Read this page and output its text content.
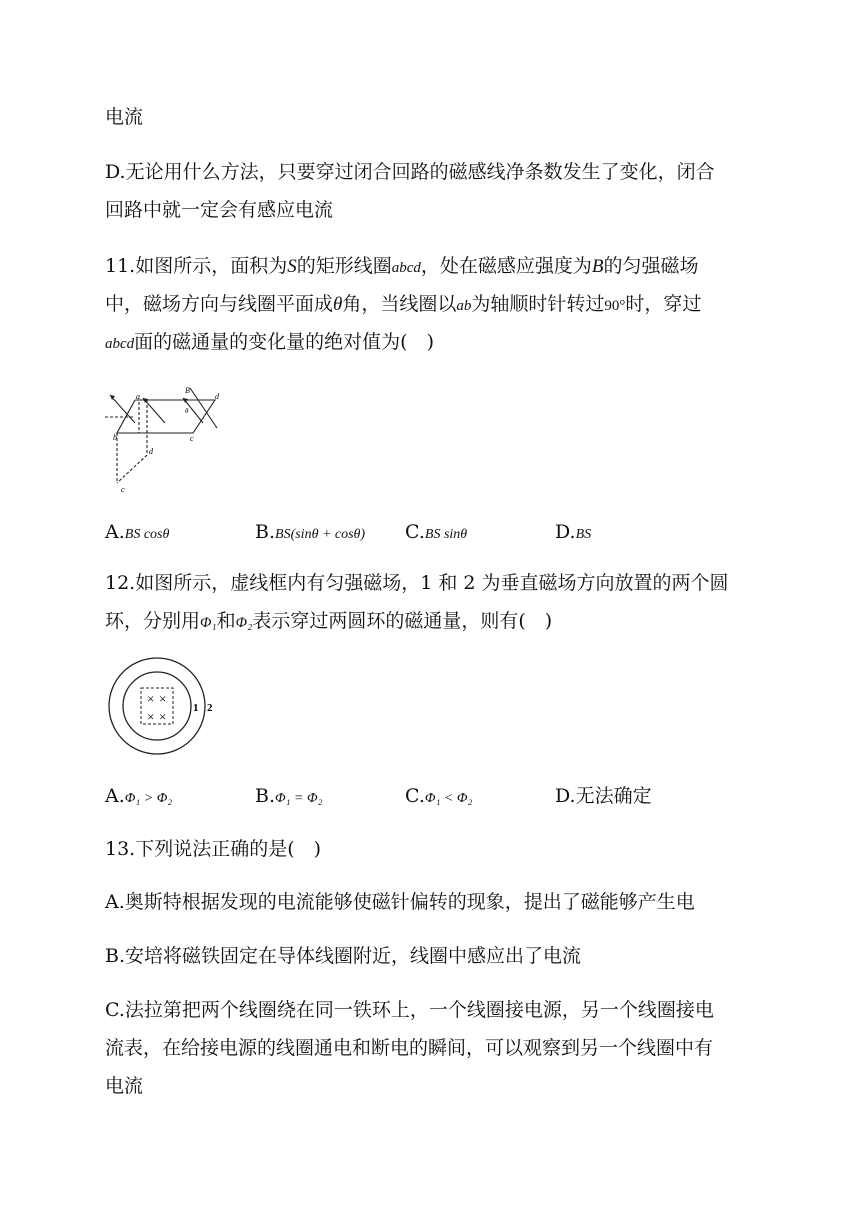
电流
D.无论用什么方法，只要穿过闭合回路的磁感线净条数发生了变化，闭合
回路中就一定会有感应电流
11.如图所示，面积为S的矩形线圈abcd，处在磁感应强度为B的匀强磁场
中，磁场方向与线圈平面成θ角，当线圈以ab为轴顺时针转过90°时，穿过
abcd面的磁通量的变化量的绝对值为(　)
a
b	c
d
B
θ
d
c
A.BS cosθ	B.BS(sinθ + cosθ) C.BS sinθ	D.BS
12.如图所示，虚线框内有匀强磁场，1 和 2 为垂直磁场方向放置的两个圆
环，分别用Φ₁和Φ₂表示穿过两圆环的磁通量，则有(　)
× ×
× ×
1 2
A.Φ₁ > Φ₂	B.Φ₁ = Φ₂	C.Φ₁ < Φ₂	D.无法确定
13.下列说法正确的是(　)
A.奥斯特根据发现的电流能够使磁针偏转的现象，提出了磁能够产生电
B.安培将磁铁固定在导体线圈附近，线圈中感应出了电流
C.法拉第把两个线圈绕在同一铁环上，一个线圈接电源，另一个线圈接电
流表，在给接电源的线圈通电和断电的瞬间，可以观察到另一个线圈中有
电流
